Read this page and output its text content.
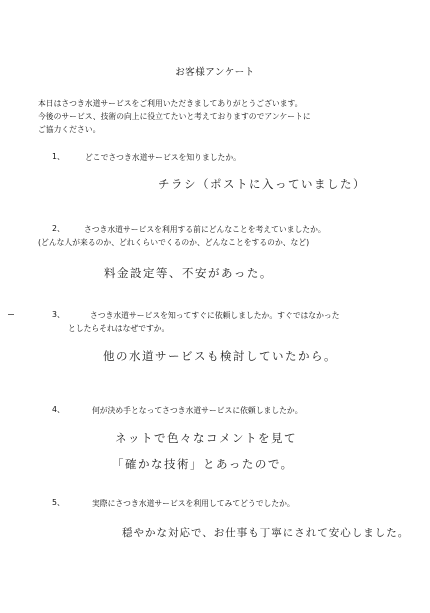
お客様アンケート
本日はさつき水道サービスをご利用いただきましてありがとうございます。
今後のサービス、技術の向上に役立てたいと考えておりますのでアンケートに
ご協力ください。
1、	どこでさつき水道サービスを知りましたか。
チラシ（ポストに入っていました）
2、	さつき水道サービスを利用する前にどんなことを考えていましたか。
(どんな人が来るのか、どれくらいでくるのか、どんなことをするのか、など)
料金設定等、不安があった。
3、	さつき水道サービスを知ってすぐに依頼しましたか。すぐではなかった
としたらそれはなぜですか。
他の水道サービスも検討していたから。
4、	何が決め手となってさつき水道サービスに依頼しましたか。
ネットで色々なコメントを見て
「確かな技術」とあったので。
5、	実際にさつき水道サービスを利用してみてどうでしたか。
穏やかな対応で、お仕事も丁寧にされて安心しました。
